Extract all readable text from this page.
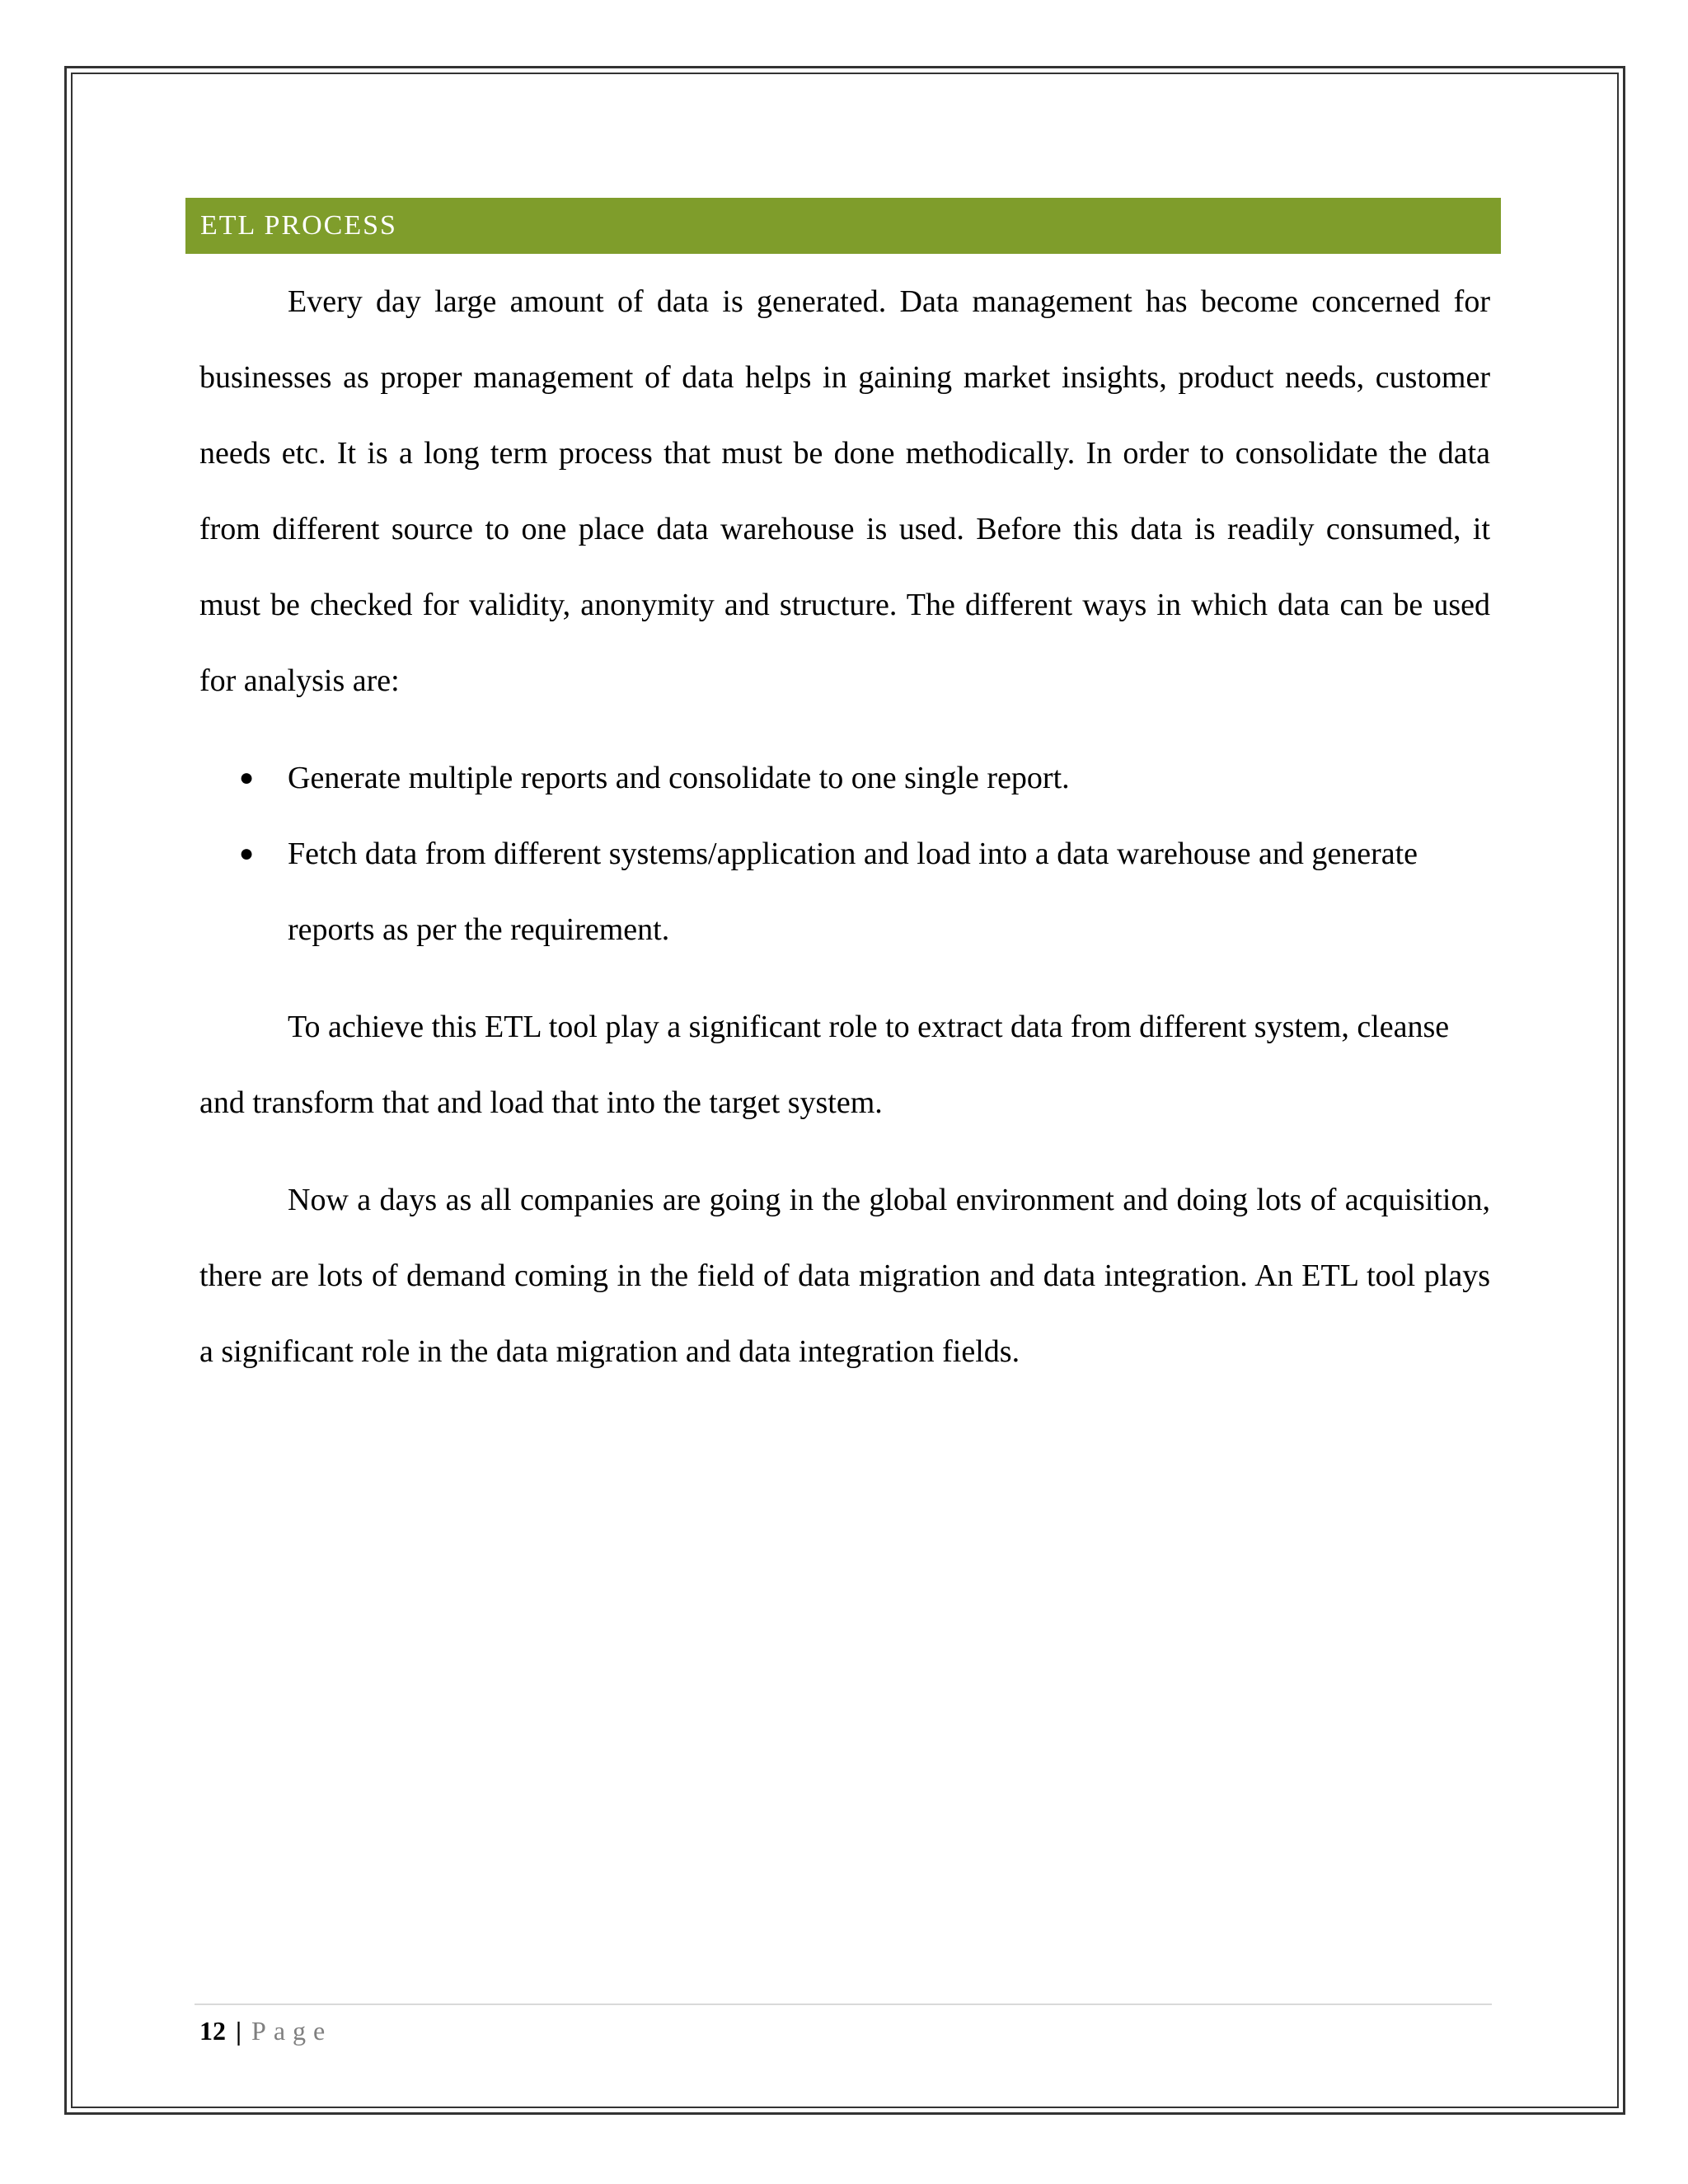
ETL PROCESS

Every day large amount of data is generated. Data management has become concerned for businesses as proper management of data helps in gaining market insights, product needs, customer needs etc. It is a long term process that must be done methodically. In order to consolidate the data from different source to one place data warehouse is used. Before this data is readily consumed, it must be checked for validity, anonymity and structure. The different ways in which data can be used for analysis are:

● Generate multiple reports and consolidate to one single report.
● Fetch data from different systems/application and load into a data warehouse and generate reports as per the requirement.

To achieve this ETL tool play a significant role to extract data from different system, cleanse and transform that and load that into the target system.

Now a days as all companies are going in the global environment and doing lots of acquisition, there are lots of demand coming in the field of data migration and data integration. An ETL tool plays a significant role in the data migration and data integration fields.

12 | Page
